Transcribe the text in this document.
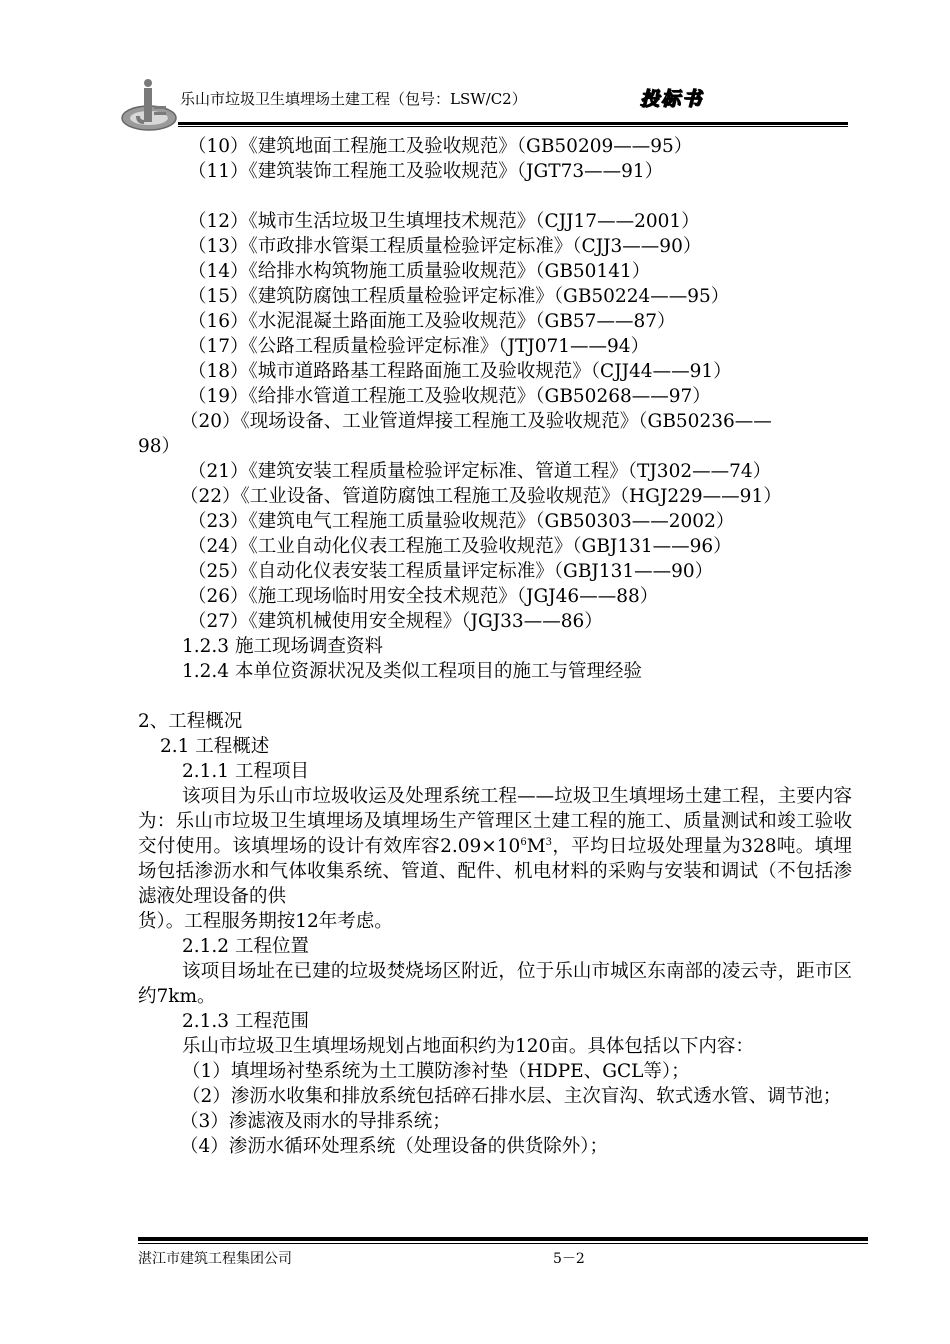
乐山市垃圾卫生填埋场土建工程（包号：LSW/C2）	投标书

（10）《建筑地面工程施工及验收规范》（GB50209——95）

（11）《建筑装饰工程施工及验收规范》（JGT73——91）

（12）《城市生活垃圾卫生填埋技术规范》（CJJ17——2001）

（13）《市政排水管渠工程质量检验评定标准》（CJJ3——90）

（14）《给排水构筑物施工质量验收规范》（GB50141）

（15）《建筑防腐蚀工程质量检验评定标准》（GB50224——95）

（16）《水泥混凝土路面施工及验收规范》（GB57——87）

（17）《公路工程质量检验评定标准》（JTJ071——94）

（18）《城市道路路基工程路面施工及验收规范》（CJJ44——91）

（19）《给排水管道工程施工及验收规范》（GB50268——97）

（20）《现场设备、工业管道焊接工程施工及验收规范》（GB50236——

98）

（21）《建筑安装工程质量检验评定标准、管道工程》（TJ302——74）

（22）《工业设备、管道防腐蚀工程施工及验收规范》（HGJ229——91）

（23）《建筑电气工程施工质量验收规范》（GB50303——2002）

（24）《工业自动化仪表工程施工及验收规范》（GBJ131——96）

（25）《自动化仪表安装工程质量评定标准》（GBJ131——90）

（26）《施工现场临时用安全技术规范》（JGJ46——88）

（27）《建筑机械使用安全规程》（JGJ33——86）

1.2.3 施工现场调查资料

1.2.4 本单位资源状况及类似工程项目的施工与管理经验

2、工程概况

2.1 工程概述

2.1.1 工程项目

该项目为乐山市垃圾收运及处理系统工程——垃圾卫生填埋场土建工程，主要内容为：乐山市垃圾卫生填埋场及填埋场生产管理区土建工程的施工、质量测试和竣工验收交付使用。该填埋场的设计有效库容$2.09\times 10^6M^3$，平均日垃圾处理量为328吨。填埋场包括渗沥水和气体收集系统、管道、配件、机电材料的采购与安装和调试（不包括渗滤液处理设备的供

货）。工程服务期按12年考虑。

2.1.2 工程位置

该项目场址在已建的垃圾焚烧场区附近，位于乐山市城区东南部的凌云寺，距市区约7km。

2.1.3 工程范围

乐山市垃圾卫生填埋场规划占地面积约为120亩。具体包括以下内容：

（1）填埋场衬垫系统为土工膜防渗衬垫（HDPE、GCL等）；

（2）渗沥水收集和排放系统包括碎石排水层、主次盲沟、软式透水管、调节池；

（3）渗滤液及雨水的导排系统；

（4）渗沥水循环处理系统（处理设备的供货除外）；

湛江市建筑工程集团公司	5－2
